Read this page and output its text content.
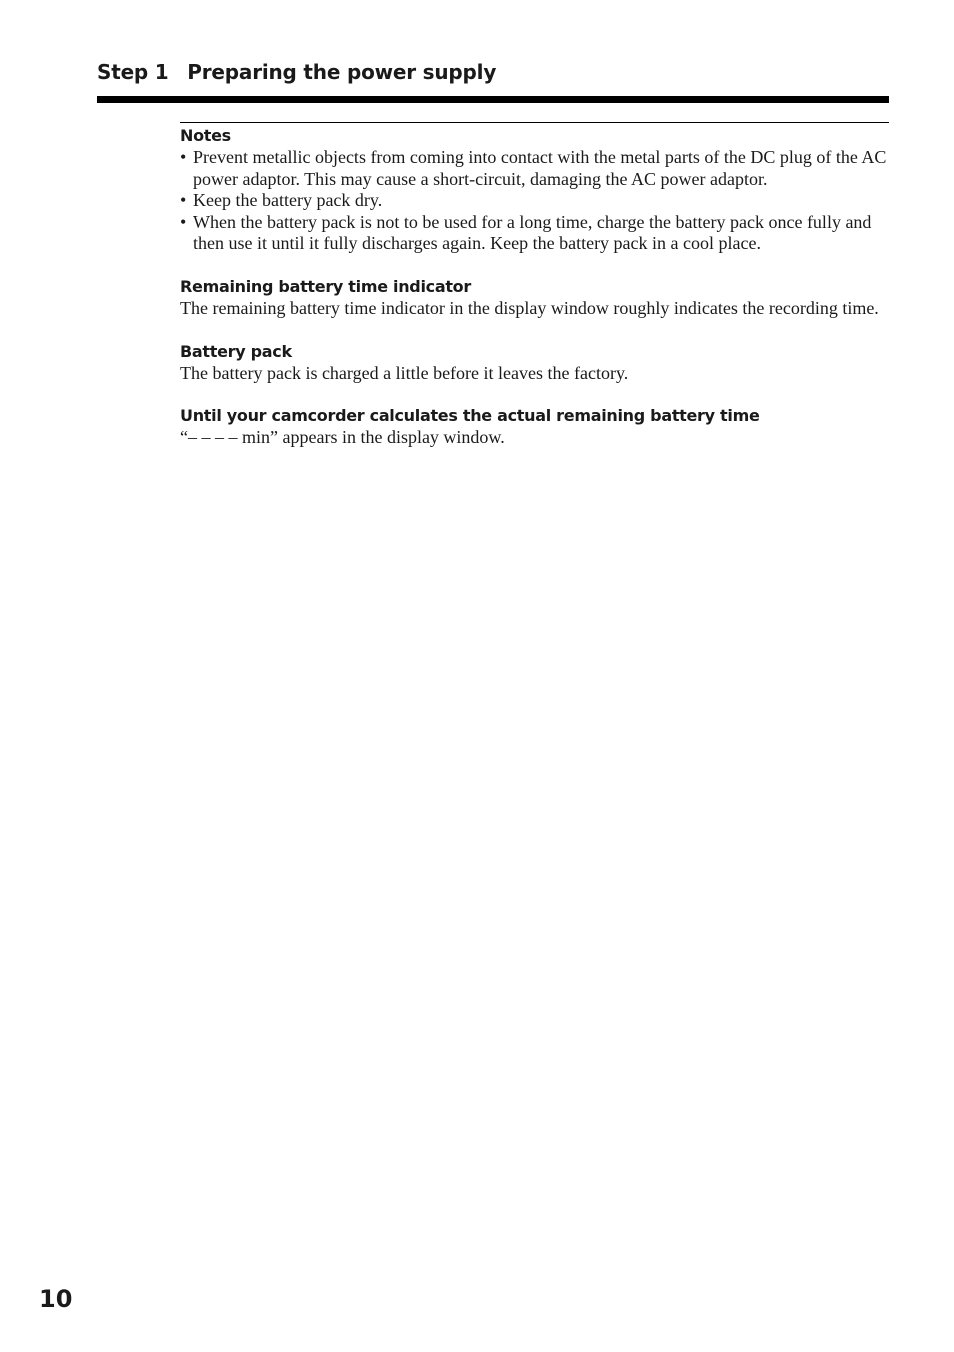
Step 1 Preparing the power supply

Notes

• Prevent metallic objects from coming into contact with the metal parts of the DC plug of the AC power adaptor. This may cause a short-circuit, damaging the AC power adaptor.
• Keep the battery pack dry.
• When the battery pack is not to be used for a long time, charge the battery pack once fully and then use it until it fully discharges again. Keep the battery pack in a cool place.

Remaining battery time indicator

The remaining battery time indicator in the display window roughly indicates the recording time.

Battery pack

The battery pack is charged a little before it leaves the factory.

Until your camcorder calculates the actual remaining battery time

“– – – – min” appears in the display window.

10
